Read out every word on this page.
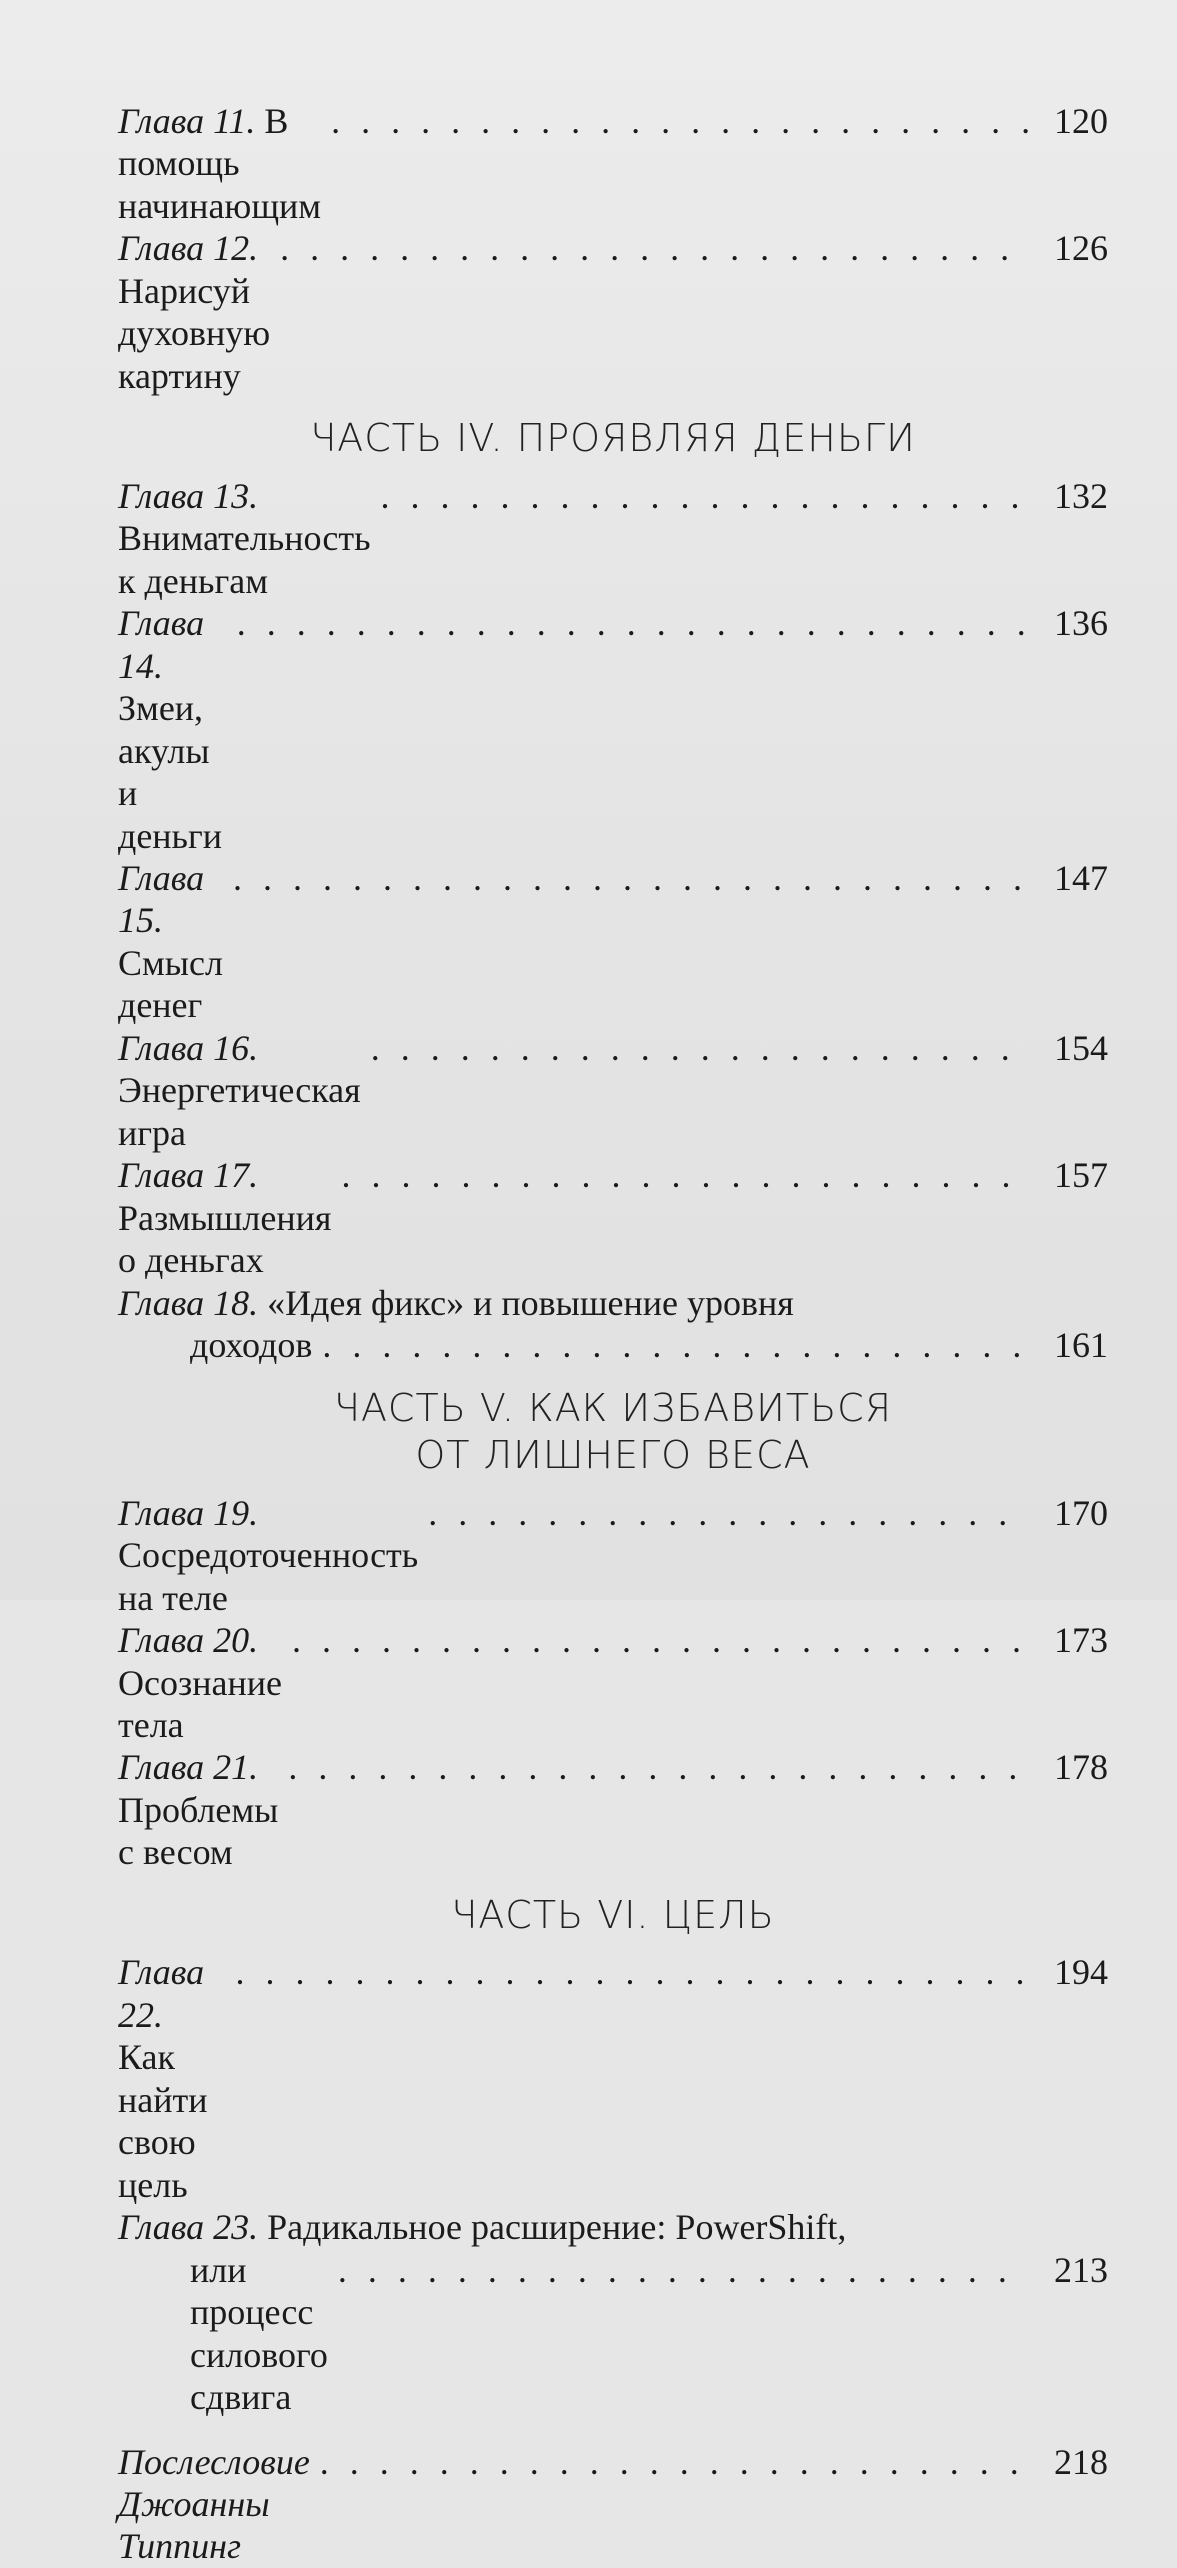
Глава 11. В помощь начинающим
. . .
120
Глава 12. Нарисуй духовную картину
. . .
126
ЧАСТЬ IV. ПРОЯВЛЯЯ ДЕНЬГИ
Глава 13. Внимательность к деньгам
. . .
132
Глава 14. Змеи, акулы и деньги
. . .
136
Глава 15. Смысл денег
. . .
147
Глава 16. Энергетическая игра
. . .
154
Глава 17. Размышления о деньгах
. . .
157
Глава 18. «Идея фикс» и повышение уровня
доходов
. . .	161
ЧАСТЬ V. КАК ИЗБАВИТЬСЯ
ОТ ЛИШНЕГО ВЕСА
Глава 19. Сосредоточенность на теле
. . .
170
Глава 20. Осознание тела
. . .
173
Глава 21. Проблемы с весом
. . .
178
ЧАСТЬ VI. ЦЕЛЬ
Глава 22. Как найти свою цель
. . .
194
Глава 23. Радикальное расширение: PowerShift,
или процесс силового сдвига
. . .
213
Послесловие Джоанны Типпинг
. . .
218
